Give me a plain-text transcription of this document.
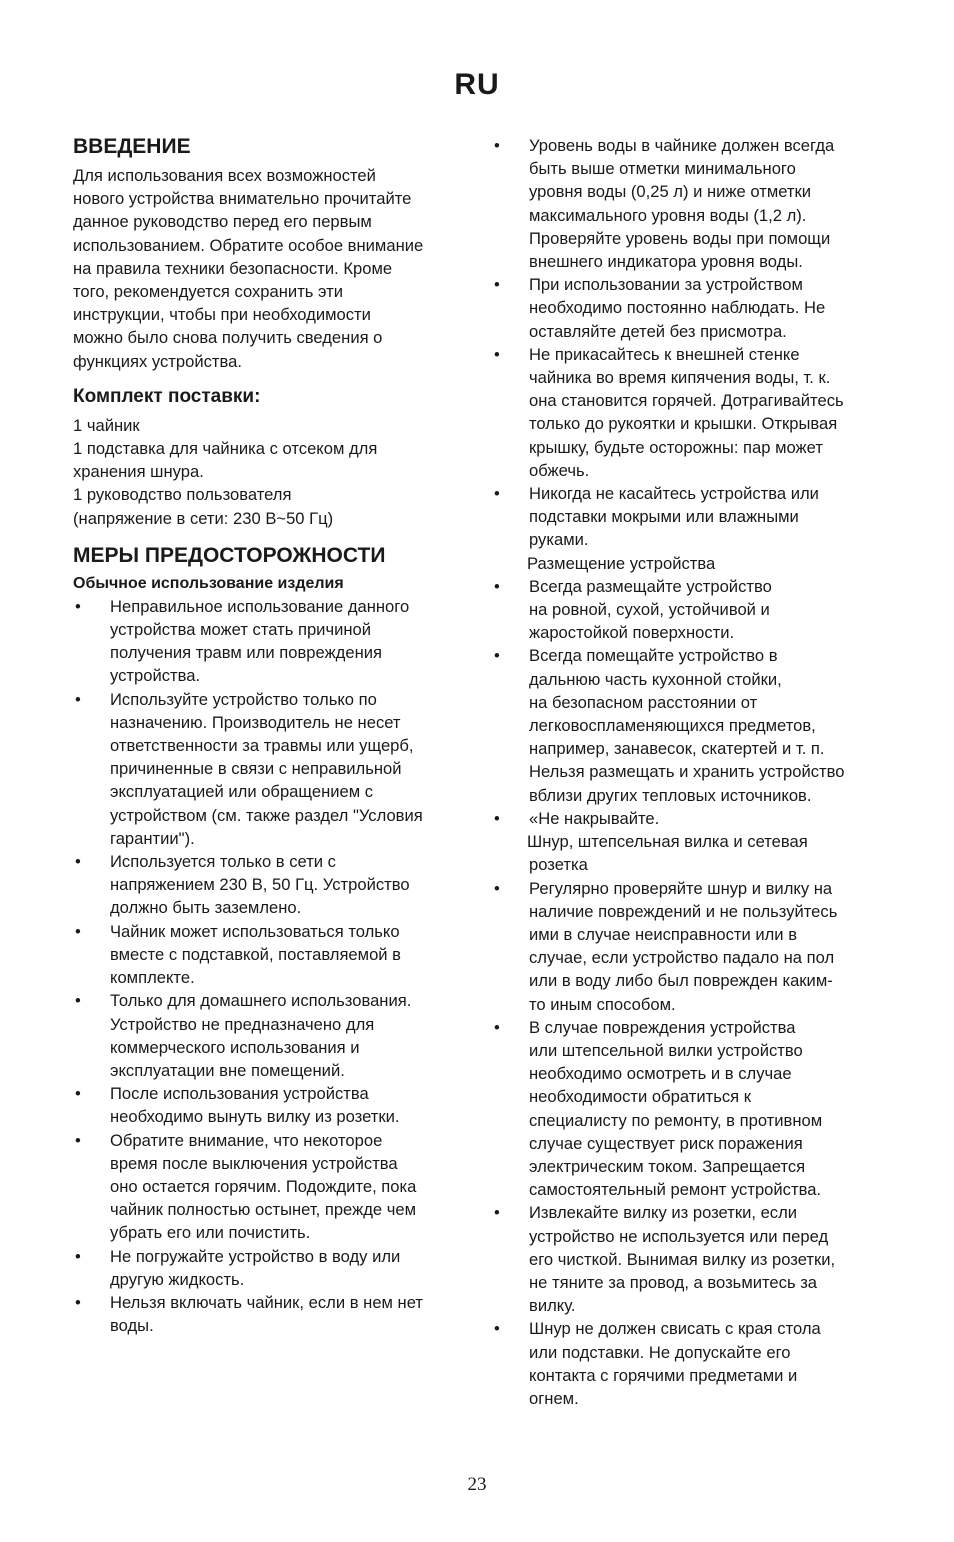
RU
ВВЕДЕНИЕ
Для использования всех возможностей
нового устройства внимательно прочитайте
данное руководство перед его первым
использованием. Обратите особое внимание
на правила техники безопасности. Кроме
того, рекомендуется сохранить эти
инструкции, чтобы при необходимости
можно было снова получить сведения о
функциях устройства.
Комплект поставки:
1 чайник
1 подставка для чайника с отсеком для
хранения шнура.
1 руководство пользователя
(напряжение в сети: 230 В~50 Гц)
МЕРЫ ПРЕДОСТОРОЖНОСТИ
Обычное использование изделия
•	Неправильное использование данного
устройства может стать причиной
получения травм или повреждения
устройства.
•	Используйте устройство только по
назначению. Производитель не несет
ответственности за травмы или ущерб,
причиненные в связи с неправильной
эксплуатацией или обращением с
устройством (см. также раздел "Условия
гарантии").
•	Используется только в сети с
напряжением 230 В, 50 Гц. Устройство
должно быть заземлено.
•	Чайник может использоваться только
вместе с подставкой, поставляемой в
комплекте.
•	Только для домашнего использования.
Устройство не предназначено для
коммерческого использования и
эксплуатации вне помещений.
•	После использования устройства
необходимо вынуть вилку из розетки.
•	Обратите внимание, что некоторое
время после выключения устройства
оно остается горячим. Подождите, пока
чайник полностью остынет, прежде чем
убрать его или почистить.
•	Не погружайте устройство в воду или
другую жидкость.
•	Нельзя включать чайник, если в нем нет
воды.
•	Уровень воды в чайнике должен всегда
быть выше отметки минимального
уровня воды (0,25 л) и ниже отметки
максимального уровня воды (1,2 л).
Проверяйте уровень воды при помощи
внешнего индикатора уровня воды.
•	При использовании за устройством
необходимо постоянно наблюдать. Не
оставляйте детей без присмотра.
•	Не прикасайтесь к внешней стенке
чайника во время кипячения воды, т. к.
она становится горячей. Дотрагивайтесь
только до рукоятки и крышки. Открывая
крышку, будьте осторожны: пар может
обжечь.
•	Никогда не касайтесь устройства или
подставки мокрыми или влажными
руками.
Размещение устройства
•	Всегда размещайте устройство
на ровной, сухой, устойчивой и
жаростойкой поверхности.
•	Всегда помещайте устройство в
дальнюю часть кухонной стойки,
на безопасном расстоянии от
легковоспламеняющихся предметов,
например, занавесок, скатертей и т. п.
Нельзя размещать и хранить устройство
вблизи других тепловых источников.
•	«Не накрывайте.
Шнур, штепсельная вилка и сетевая
розетка
•	Регулярно проверяйте шнур и вилку на
наличие повреждений и не пользуйтесь
ими в случае неисправности или в
случае, если устройство падало на пол
или в воду либо был поврежден каким-
то иным способом.
•	В случае повреждения устройства
или штепсельной вилки устройство
необходимо осмотреть и в случае
необходимости обратиться к
специалисту по ремонту, в противном
случае существует риск поражения
электрическим током. Запрещается
самостоятельный ремонт устройства.
•	Извлекайте вилку из розетки, если
устройство не используется или перед
его чисткой. Вынимая вилку из розетки,
не тяните за провод, а возьмитесь за
вилку.
•	Шнур не должен свисать с края стола
или подставки. Не допускайте его
контакта с горячими предметами и
огнем.
23
